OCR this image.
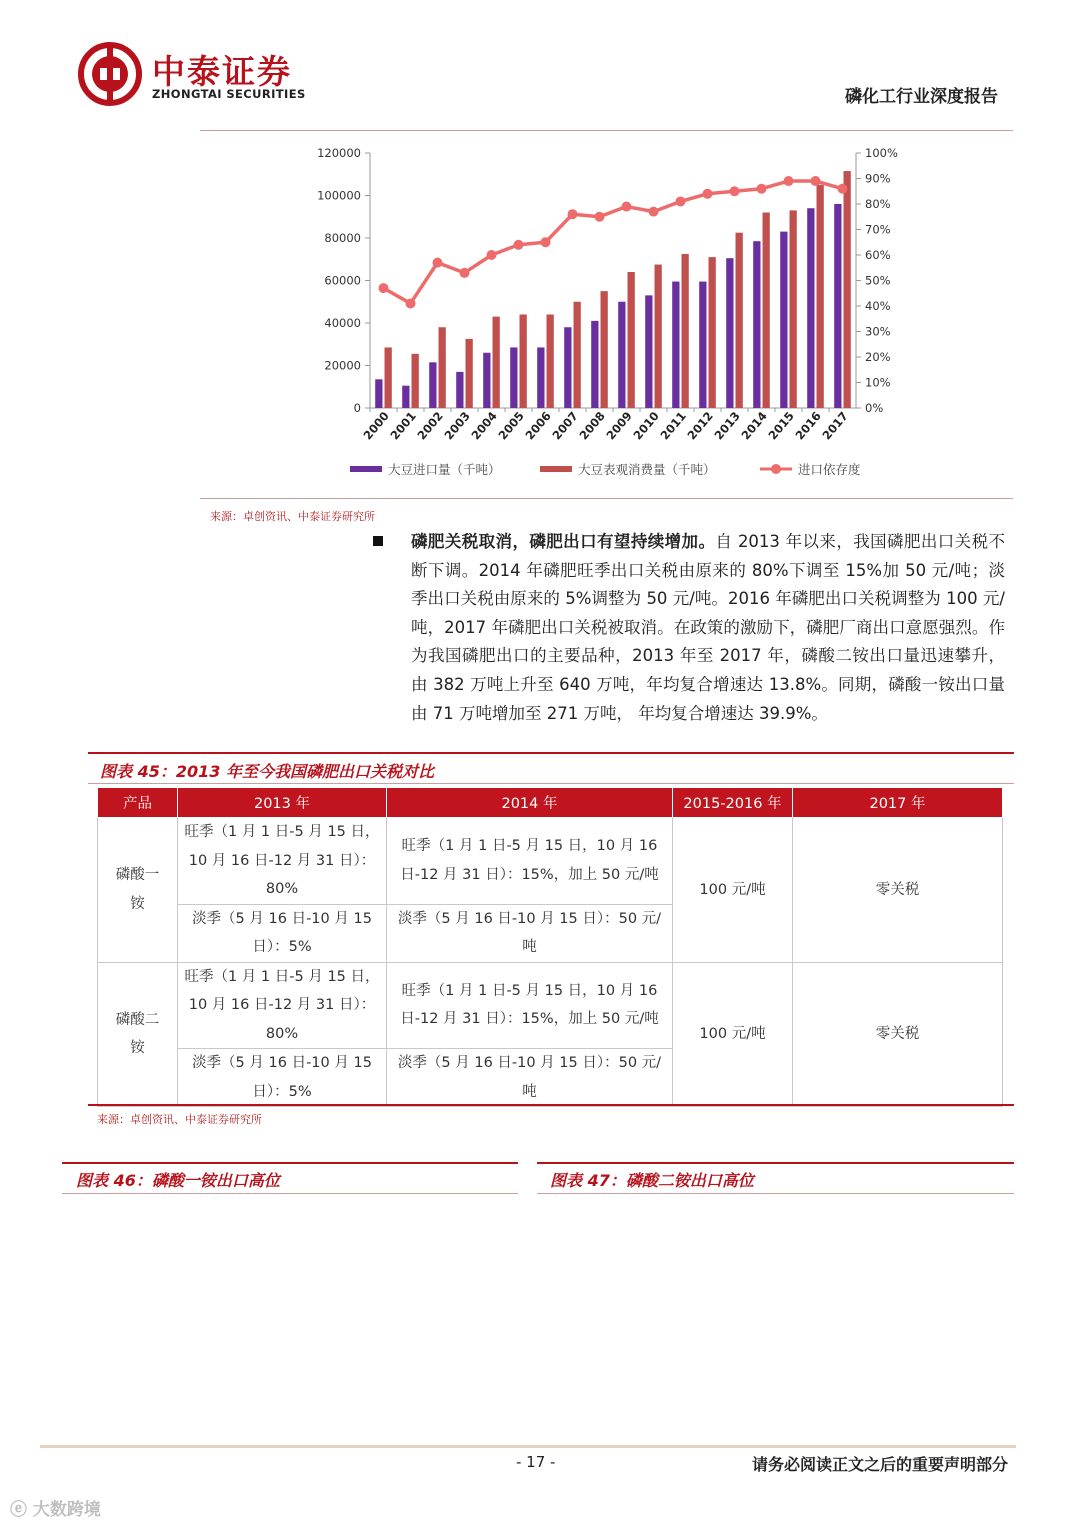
中泰证券
ZHONGTAI SECURITIES	磷化工行业深度报告
0
20000
40000
60000
80000
100000
120000
0%
10%
20%
30%
40%
50%
60%
70%
80%
90%
100%
2000
2001
2002
2003
2004
2005
2006
2007
2008
2009
2010
2011
2012
2013
2014
2015
2016
2017
大豆进口量（千吨）	大豆表观消费量（千吨）	进口依存度
来源：卓创资讯、中泰证券研究所
磷肥关税取消，磷肥出口有望持续增加。自 2013 年以来，我国磷肥出口关税不断下调。2014 年磷肥旺季出口关税由原来的 80%下调至 15%加 50 元/吨；淡季出口关税由原来的 5%调整为 50 元/吨。2016 年磷肥出口关税调整为 100 元/吨，2017 年磷肥出口关税被取消。在政策的激励下，磷肥厂商出口意愿强烈。作为我国磷肥出口的主要品种，2013 年至 2017 年，磷酸二铵出口量迅速攀升，由 382 万吨上升至 640 万吨，年均复合增速达 13.8%。同期，磷酸一铵出口量由 71 万吨增加至 271 万吨， 年均复合增速达 39.9%。
图表 45：2013 年至今我国磷肥出口关税对比
产品	2013 年	2014 年	2015-2016 年	2017 年
磷酸一铵	旺季（1 月 1 日-5 月 15 日，10 月 16 日-12 月 31 日）：80%	旺季（1 月 1 日-5 月 15 日，10 月 16 日-12 月 31 日）：15%，加上 50 元/吨	100 元/吨	零关税
	淡季（5 月 16 日-10 月 15 日）：5%	淡季（5 月 16 日-10 月 15 日）：50 元/吨		
磷酸二铵	旺季（1 月 1 日-5 月 15 日，10 月 16 日-12 月 31 日）：80%	旺季（1 月 1 日-5 月 15 日，10 月 16 日-12 月 31 日）：15%，加上 50 元/吨	100 元/吨	零关税
	淡季（5 月 16 日-10 月 15 日）：5%	淡季（5 月 16 日-10 月 15 日）：50 元/吨		
来源：卓创资讯、中泰证券研究所
图表 46：磷酸一铵出口高位	图表 47：磷酸二铵出口高位
- 17 -	请务必阅读正文之后的重要声明部分
ⓔ 大数跨境
